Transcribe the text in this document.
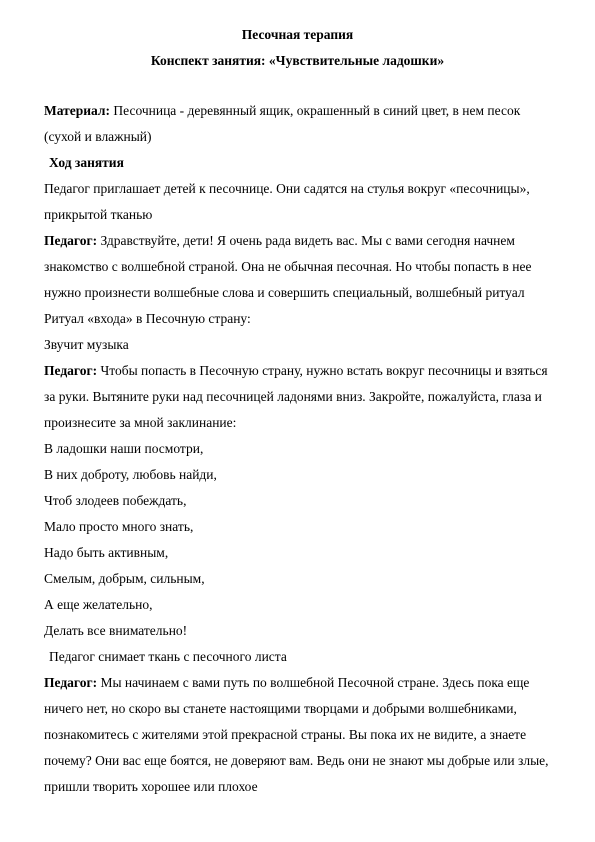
Песочная терапия
Конспект занятия: «Чувствительные ладошки»
Материал: Песочница - деревянный ящик, окрашенный в синий цвет, в нем песок
(сухой и влажный)
Ход занятия
Педагог приглашает детей к песочнице. Они садятся на стулья вокруг «песочницы»,
прикрытой тканью
Педагог: Здравствуйте, дети! Я очень рада видеть вас. Мы с вами сегодня начнем
знакомство с волшебной страной. Она не обычная песочная. Но чтобы попасть в нее
нужно произнести волшебные слова и совершить специальный, волшебный ритуал
Ритуал «входа» в Песочную страну:
Звучит музыка
Педагог: Чтобы попасть в Песочную страну, нужно встать вокруг песочницы и взяться
за руки. Вытяните руки над песочницей ладонями вниз. Закройте, пожалуйста, глаза и
произнесите за мной заклинание:
В ладошки наши посмотри,
В них доброту, любовь найди,
Чтоб злодеев побеждать,
Мало просто много знать,
Надо быть активным,
Смелым, добрым, сильным,
А еще желательно,
Делать все внимательно!
Педагог снимает ткань с песочного листа
Педагог: Мы начинаем с вами путь по волшебной Песочной стране. Здесь пока еще
ничего нет, но скоро вы станете настоящими творцами и добрыми волшебниками,
познакомитесь с жителями этой прекрасной страны. Вы пока их не видите, а знаете
почему? Они вас еще боятся, не доверяют вам. Ведь они не знают мы добрые или злые,
пришли творить хорошее или плохое
